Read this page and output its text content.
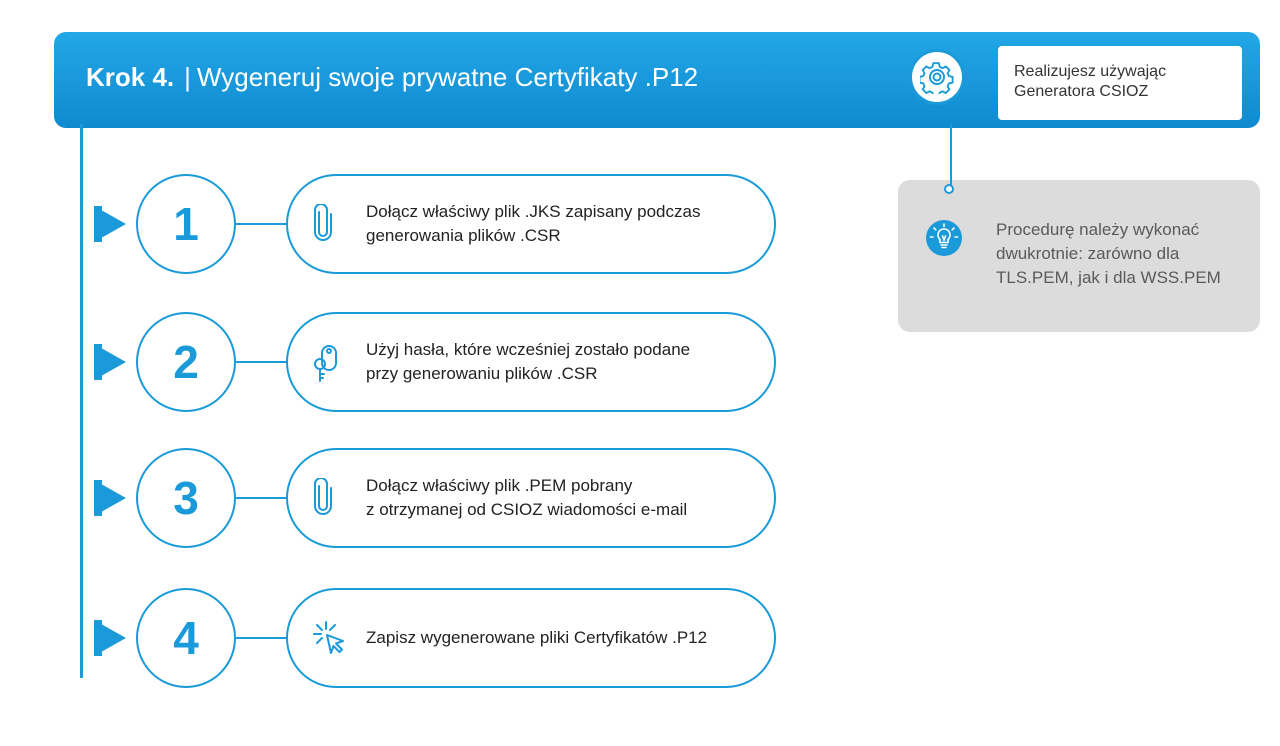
Krok 4. | Wygeneruj swoje prywatne Certyfikaty .P12	Realizujesz używając
Generatora CSIOZ
Procedurę należy wykonać
dwukrotnie: zarówno dla
TLS.PEM, jak i dla WSS.PEM
1	Dołącz właściwy plik .JKS zapisany podczas
generowania plików .CSR
2	Użyj hasła, które wcześniej zostało podane
przy generowaniu plików .CSR
3	Dołącz właściwy plik .PEM pobrany
z otrzymanej od CSIOZ wiadomości e-mail
4	Zapisz wygenerowane pliki Certyfikatów .P12
